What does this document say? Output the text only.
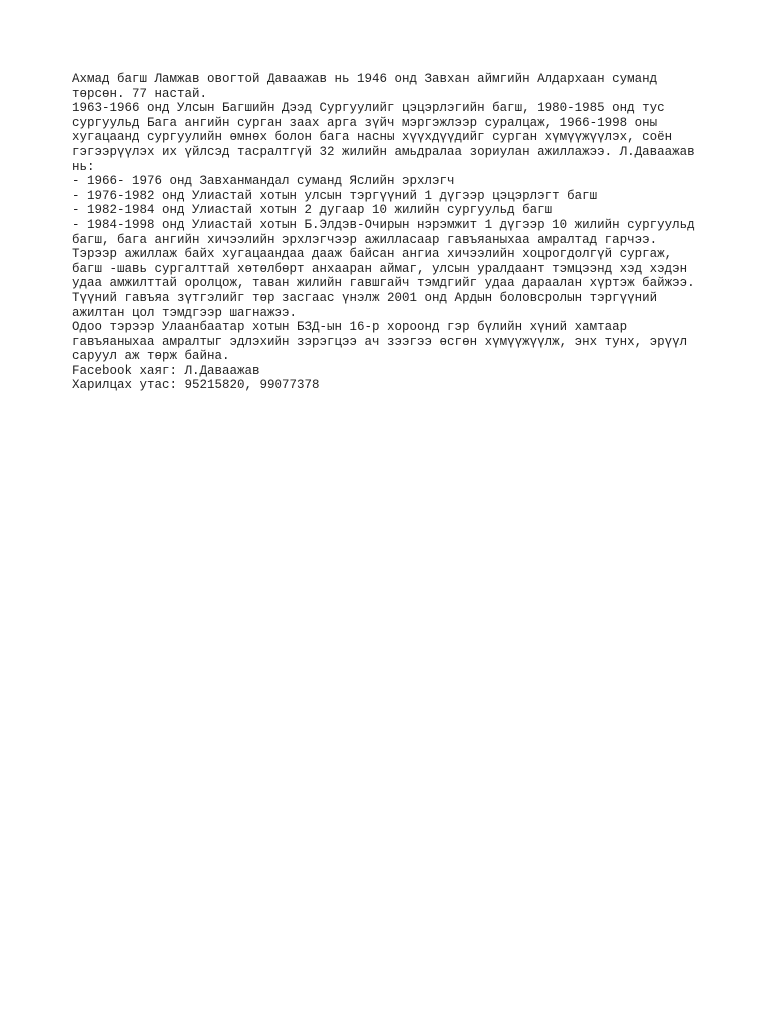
Ахмад багш Ламжав овогтой Даваажав нь 1946 онд Завхан аймгийн Алдархаан суманд
төрсөн. 77 настай.
1963-1966 онд Улсын Багшийн Дээд Сургуулийг цэцэрлэгийн багш, 1980-1985 онд тус
сургуульд Бага ангийн сурган заах арга зүйч мэргэжлээр суралцаж, 1966-1998 оны
хугацаанд сургуулийн өмнөх болон бага насны хүүхдүүдийг сурган хүмүүжүүлэх, соён
гэгээрүүлэх их үйлсэд тасралтгүй 32 жилийн амьдралаа зориулан ажиллажээ. Л.Даваажав
нь:
- 1966- 1976 онд Завханмандал суманд Яслийн эрхлэгч
- 1976-1982 онд Улиастай хотын улсын тэргүүний 1 дүгээр цэцэрлэгт багш
- 1982-1984 онд Улиастай хотын 2 дугаар 10 жилийн сургуульд багш
- 1984-1998 онд Улиастай хотын Б.Элдэв-Очирын нэрэмжит 1 дүгээр 10 жилийн сургуульд
багш, бага ангийн хичээлийн эрхлэгчээр ажилласаар гавъяаныхаа амралтад гарчээ.
Тэрээр ажиллаж байх хугацаандаа дааж байсан ангиа хичээлийн хоцрогдолгүй сургаж,
багш -шавь сургалттай хөтөлбөрт анхааран аймаг, улсын уралдаант тэмцээнд хэд хэдэн
удаа амжилттай оролцож, таван жилийн гавшгайч тэмдгийг удаа дараалан хүртэж байжээ.
Түүний гавъяа зүтгэлийг төр засгаас үнэлж 2001 онд Ардын боловсролын тэргүүний
ажилтан цол тэмдгээр шагнажээ.
Одоо тэрээр Улаанбаатар хотын БЗД-ын 16-р хороонд гэр бүлийн хүний хамтаар
гавъяаныхаа амралтыг эдлэхийн зэрэгцээ ач зээгээ өсгөн хүмүүжүүлж, энх тунх, эрүүл
саруул аж төрж байна.
Facebook хаяг: Л.Даваажав
Харилцах утас: 95215820, 99077378
